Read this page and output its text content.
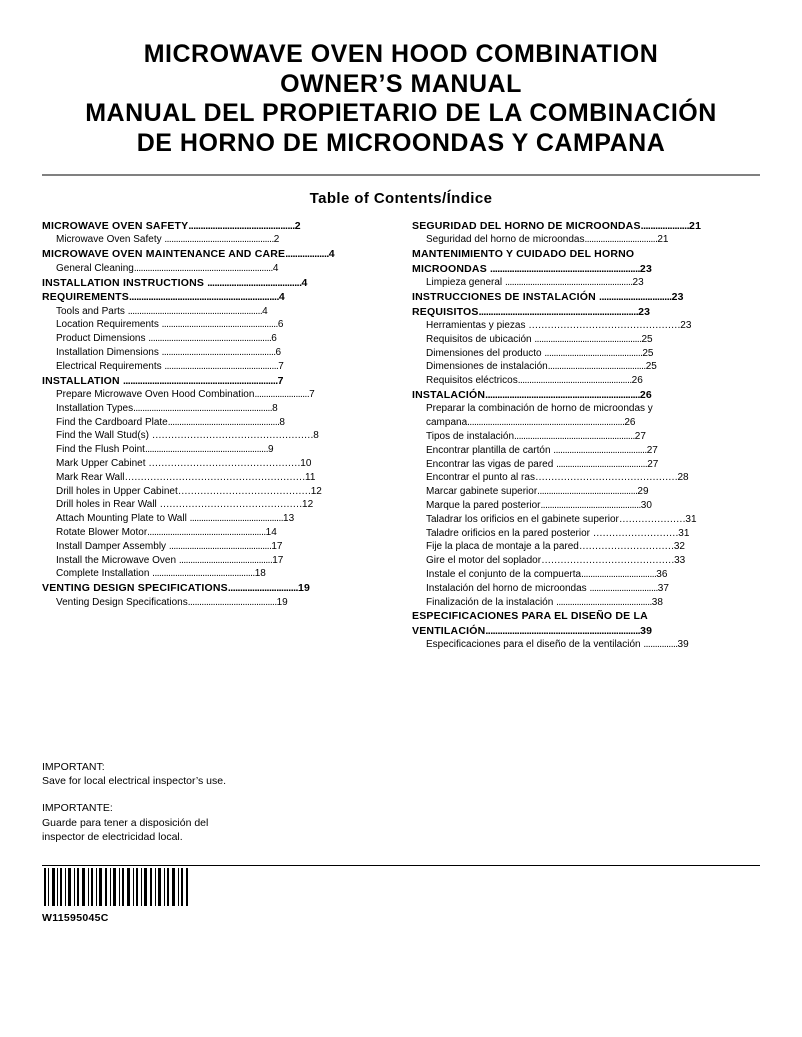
MICROWAVE OVEN HOOD COMBINATION
OWNER’S MANUAL
MANUAL DEL PROPIETARIO DE LA COMBINACIÓN
DE HORNO DE MICROONDAS Y CAMPANA
Table of Contents/Índice
MICROWAVE OVEN SAFETY............................................2
Microwave Oven Safety ................................................2
MICROWAVE OVEN MAINTENANCE AND CARE..................4
General Cleaning.............................................................4
INSTALLATION INSTRUCTIONS .......................................4
REQUIREMENTS..............................................................4
Tools and Parts ...........................................................4
Location Requirements ...................................................6
Product Dimensions ......................................................6
Installation Dimensions ..................................................6
Electrical Requirements ..................................................7
INSTALLATION ................................................................7
Prepare Microwave Oven Hood Combination........................7
Installation Types.............................................................8
Find the Cardboard Plate.................................................8
Find the Wall Stud(s) ……………………………………………8
Find the Flush Point......................................................9
Mark Upper Cabinet …………………………………………10
Mark Rear Wall…………………………………………………11
Drill holes in Upper Cabinet……………………………………12
Drill holes in Rear Wall ………………………………………12
Attach Mounting Plate to Wall .........................................13
Rotate Blower Motor....................................................14
Install Damper Assembly .............................................17
Install the Microwave Oven .........................................17
Complete Installation .............................................18
VENTING DESIGN SPECIFICATIONS.............................19
Venting Design Specifications.......................................19
SEGURIDAD DEL HORNO DE MICROONDAS....................21
Seguridad del horno de microondas................................21
MANTENIMIENTO Y CUIDADO DEL HORNO
MICROONDAS ..............................................................23
Limpieza general ........................................................23
INSTRUCCIONES DE INSTALACIÓN ..............................23
REQUISITOS..................................................................23
Herramientas y piezas …………………………………………23
Requisitos de ubicación ...............................................25
Dimensiones del producto ...........................................25
Dimensiones de instalación...........................................25
Requisitos eléctricos..................................................26
INSTALACIÓN................................................................26
Preparar la combinación de horno de microondas y
campana.....................................................................26
Tipos de instalación.....................................................27
Encontrar plantilla de cartón .........................................27
Encontrar las vigas de pared ........................................27
Encontrar el punto al ras………………………………………28
Marcar gabinete superior............................................29
Marque la pared posterior............................................30
Taladrar los orificios en el gabinete superior…………………31
Taladre orificios en la pared posterior ………………………31
Fije la placa de montaje a la pared…………………………32
Gire el motor del soplador……………………………………33
Instale el conjunto de la compuerta.................................36
Instalación del horno de microondas ..............................37
Finalización de la instalación ..........................................38
ESPECIFICACIONES PARA EL DISEÑO DE LA
VENTILACIÓN................................................................39
Especificaciones para el diseño de la ventilación ...............39
IMPORTANT:
Save for local electrical inspector’s use.
IMPORTANTE:
Guarde para tener a disposición del
inspector de electricidad local.
W11595045C
